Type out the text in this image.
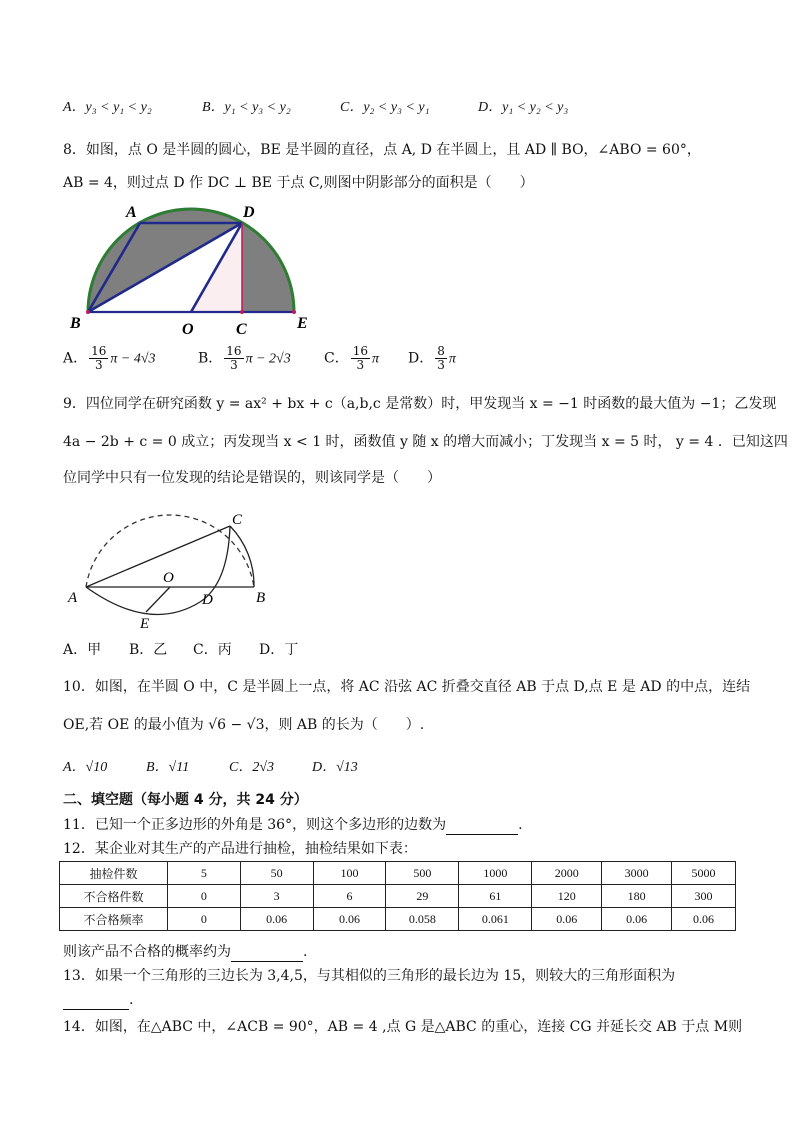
A．y₃ < y₁ < y₂	B．y₁ < y₃ < y₂	C．y₂ < y₃ < y₁	D．y₁ < y₂ < y₃
8．如图，点 O 是半圆的圆心，BE 是半圆的直径，点 A, D 在半圆上，且 AD ∥ BO，∠ABO = 60°，
AB = 4，则过点 D 作 DC ⊥ BE 于点 C,则图中阴影部分的面积是（　　）
A	D
B	O	C	E
A． $\frac{16}{3}$ π − 4√3	B． $\frac{16}{3}$ π − 2√3 C． $\frac{16}{3}$ π D． $\frac{8}{3}$ π
9．四位同学在研究函数 y = ax² + bx + c（a,b,c 是常数）时，甲发现当 x = −1 时函数的最大值为 −1；乙发现
4a − 2b + c = 0 成立；丙发现当 x < 1 时，函数值 y 随 x 的增大而减小；丁发现当 x = 5 时， y = 4 ．已知这四
位同学中只有一位发现的结论是错误的，则该同学是（　　）
C
O
A	D	B
E
A．甲 B．乙 C．丙 D．丁
10．如图，在半圆 O 中，C 是半圆上一点，将 AC 沿弦 AC 折叠交直径 AB 于点 D,点 E 是 AD 的中点，连结
OE,若 OE 的最小值为 √6 − √3，则 AB 的长为（　　）.
A．√10	B．√11	C．2√3	D．√13
二、填空题（每小题 4 分，共 24 分）
11．已知一个正多边形的外角是 36°，则这个多边形的边数为	.
12．某企业对其生产的产品进行抽检，抽检结果如下表：
抽检件数	5	50	100	500	1000	2000	3000	5000
不合格件数	0	3	6	29	61	120	180	300
不合格频率	0	0.06	0.06	0.058	0.061	0.06	0.06	0.06
则该产品不合格的概率约为	.
13．如果一个三角形的三边长为 3,4,5，与其相似的三角形的最长边为 15，则较大的三角形面积为
.
14．如图，在△ABC 中，∠ACB = 90°，AB = 4 ,点 G 是△ABC 的重心，连接 CG 并延长交 AB 于点 M则
